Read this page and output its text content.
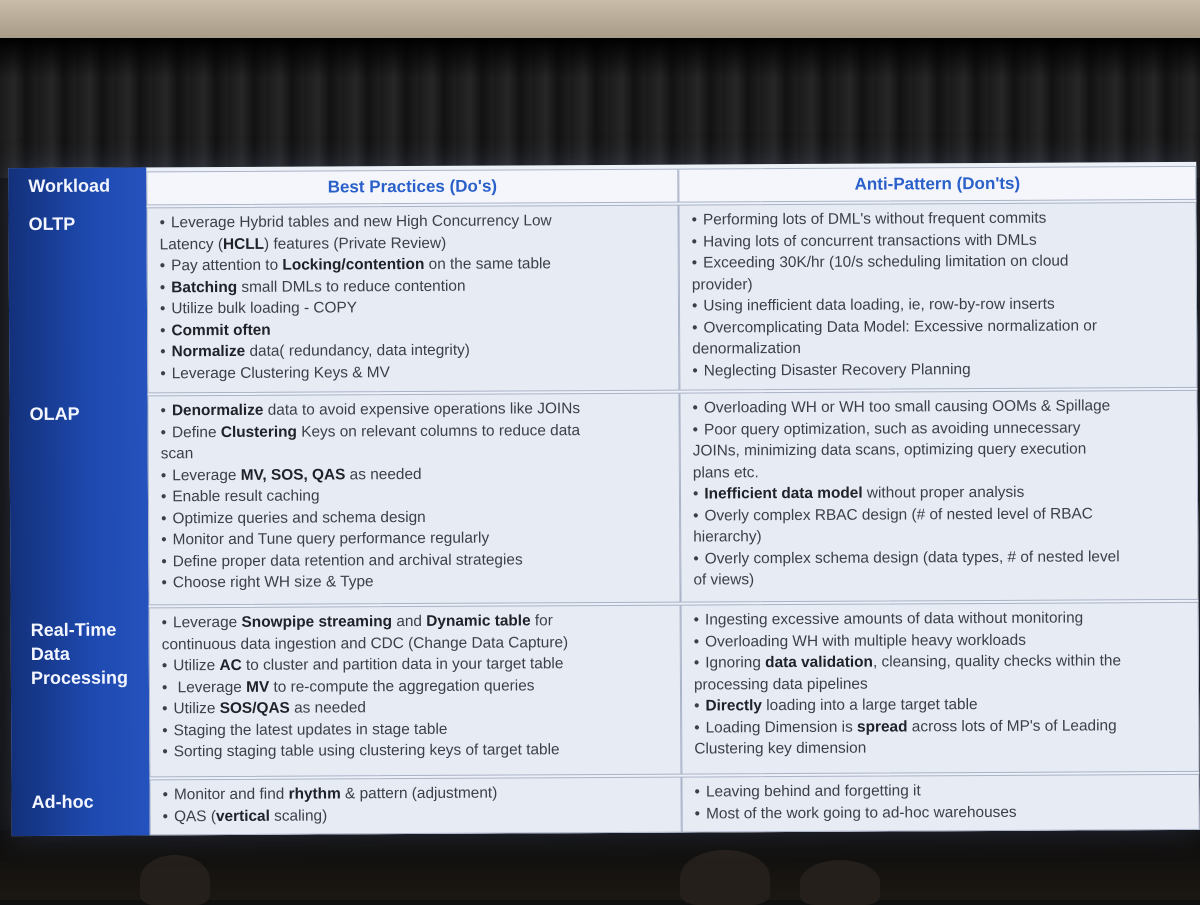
Workload
OLTP
OLAP
Real-Time
Data
Processing
Ad-hoc
Best Practices (Do's)	Anti-Pattern (Don'ts)
• Leverage Hybrid tables and new High Concurrency Low
Latency (HCLL) features (Private Review)
• Pay attention to Locking/contention on the same table
• Batching small DMLs to reduce contention
• Utilize bulk loading - COPY
• Commit often
• Normalize data( redundancy, data integrity)
• Leverage Clustering Keys & MV
• Performing lots of DML's without frequent commits
• Having lots of concurrent transactions with DMLs
• Exceeding 30K/hr (10/s scheduling limitation on cloud
provider)
• Using inefficient data loading, ie, row-by-row inserts
• Overcomplicating Data Model: Excessive normalization or
denormalization
• Neglecting Disaster Recovery Planning
• Denormalize data to avoid expensive operations like JOINs
• Define Clustering Keys on relevant columns to reduce data
scan
• Leverage MV, SOS, QAS as needed
• Enable result caching
• Optimize queries and schema design
• Monitor and Tune query performance regularly
• Define proper data retention and archival strategies
• Choose right WH size & Type
• Overloading WH or WH too small causing OOMs & Spillage
• Poor query optimization, such as avoiding unnecessary
JOINs, minimizing data scans, optimizing query execution
plans etc.
• Inefficient data model without proper analysis
• Overly complex RBAC design (# of nested level of RBAC
hierarchy)
• Overly complex schema design (data types, # of nested level
of views)
• Leverage Snowpipe streaming and Dynamic table for
continuous data ingestion and CDC (Change Data Capture)
• Utilize AC to cluster and partition data in your target table
• Leverage MV to re-compute the aggregation queries
• Utilize SOS/QAS as needed
• Staging the latest updates in stage table
• Sorting staging table using clustering keys of target table
• Ingesting excessive amounts of data without monitoring
• Overloading WH with multiple heavy workloads
• Ignoring data validation, cleansing, quality checks within the
processing data pipelines
• Directly loading into a large target table
• Loading Dimension is spread across lots of MP's of Leading
Clustering key dimension
• Monitor and find rhythm & pattern (adjustment)
• QAS (vertical scaling)
• Leaving behind and forgetting it
• Most of the work going to ad-hoc warehouses
